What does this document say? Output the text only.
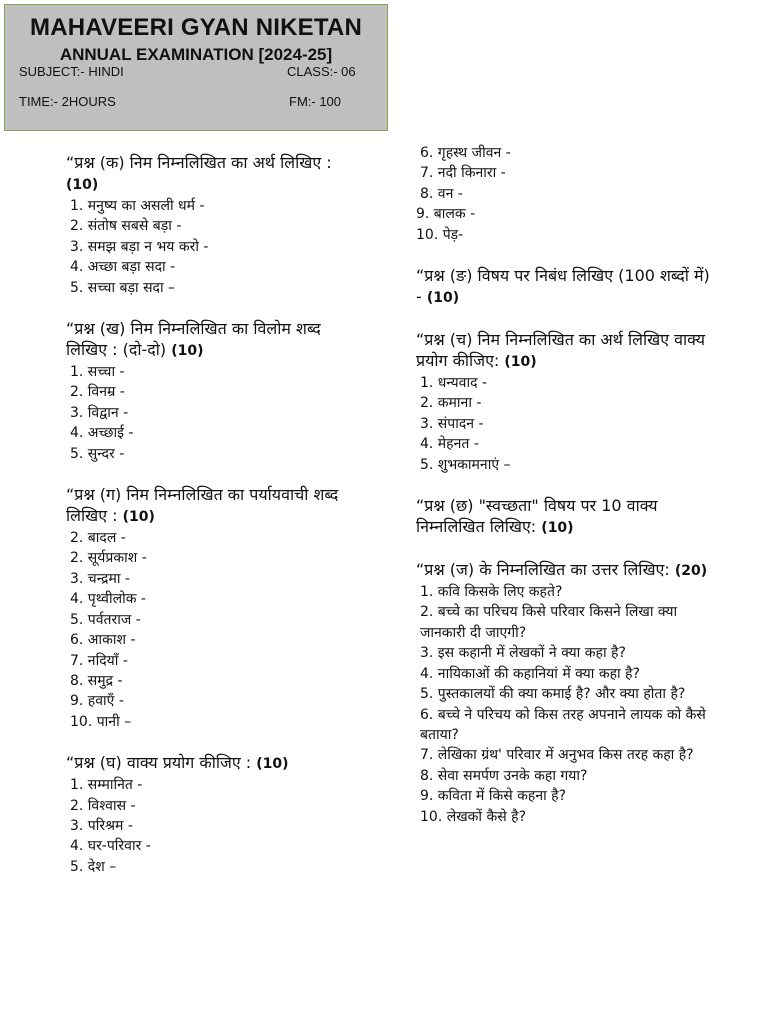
MAHAVEERI GYAN NIKETAN
ANNUAL EXAMINATION [2024-25]
SUBJECT:- HINDI	CLASS:- 06
TIME:- 2HOURS	FM:- 100

“प्रश्न (क) निम निम्नलिखित का अर्थ लिखिए : (10)

1. मनुष्य का असली धर्म -
2. संतोष सबसे बड़ा -
3. समझ बड़ा न भय करो -
4. अच्छा बड़ा सदा -
5. सच्चा बड़ा सदा –

“प्रश्न (ख) निम निम्नलिखित का विलोम शब्द लिखिए : (दो-दो) (10)

1. सच्चा -
2. विनम्र -
3. विद्वान -
4. अच्छाई -
5. सुन्दर -

“प्रश्न (ग) निम निम्नलिखित का पर्यायवाची शब्द लिखिए : (10)

2. बादल -
2. सूर्यप्रकाश -
3. चन्द्रमा -
4. पृथ्वीलोक -
5. पर्वतराज -
6. आकाश -
7. नदियाँ -
8. समुद्र -
9. हवाएँ -
10. पानी –

“प्रश्न (घ) वाक्य प्रयोग कीजिए : (10)

1. सम्मानित -
2. विश्वास -
3. परिश्रम -
4. घर-परिवार -
5. देश –
6. गृहस्थ जीवन -
7. नदी किनारा -
8. वन -
9. बालक -
10. पेड़-

“प्रश्न (ङ) विषय पर निबंध लिखिए (100 शब्दों में) - (10)

“प्रश्न (च) निम निम्नलिखित का अर्थ लिखिए वाक्य प्रयोग कीजिए: (10)

1. धन्यवाद -
2. कमाना -
3. संपादन -
4. मेहनत -
5. शुभकामनाएं –

“प्रश्न (छ) "स्वच्छता" विषय पर 10 वाक्य निम्नलिखित लिखिए: (10)

“प्रश्न (ज) के निम्नलिखित का उत्तर लिखिए: (20)

1. कवि किसके लिए कहते?
2. बच्चे का परिचय किसे परिवार किसने लिखा क्या जानकारी दी जाएगी?
3. इस कहानी में लेखकों ने क्या कहा है?
4. नायिकाओं की कहानियां में क्या कहा है?
5. पुस्तकालयों की क्या कमाई है? और क्या होता है?
6. बच्चे ने परिचय को किस तरह अपनाने लायक को कैसे बताया?
7. लेखिका ग्रंथ' परिवार में अनुभव किस तरह कहा है?
8. सेवा समर्पण उनके कहा गया?
9. कविता में किसे कहना है?
10. लेखकों कैसे है?
